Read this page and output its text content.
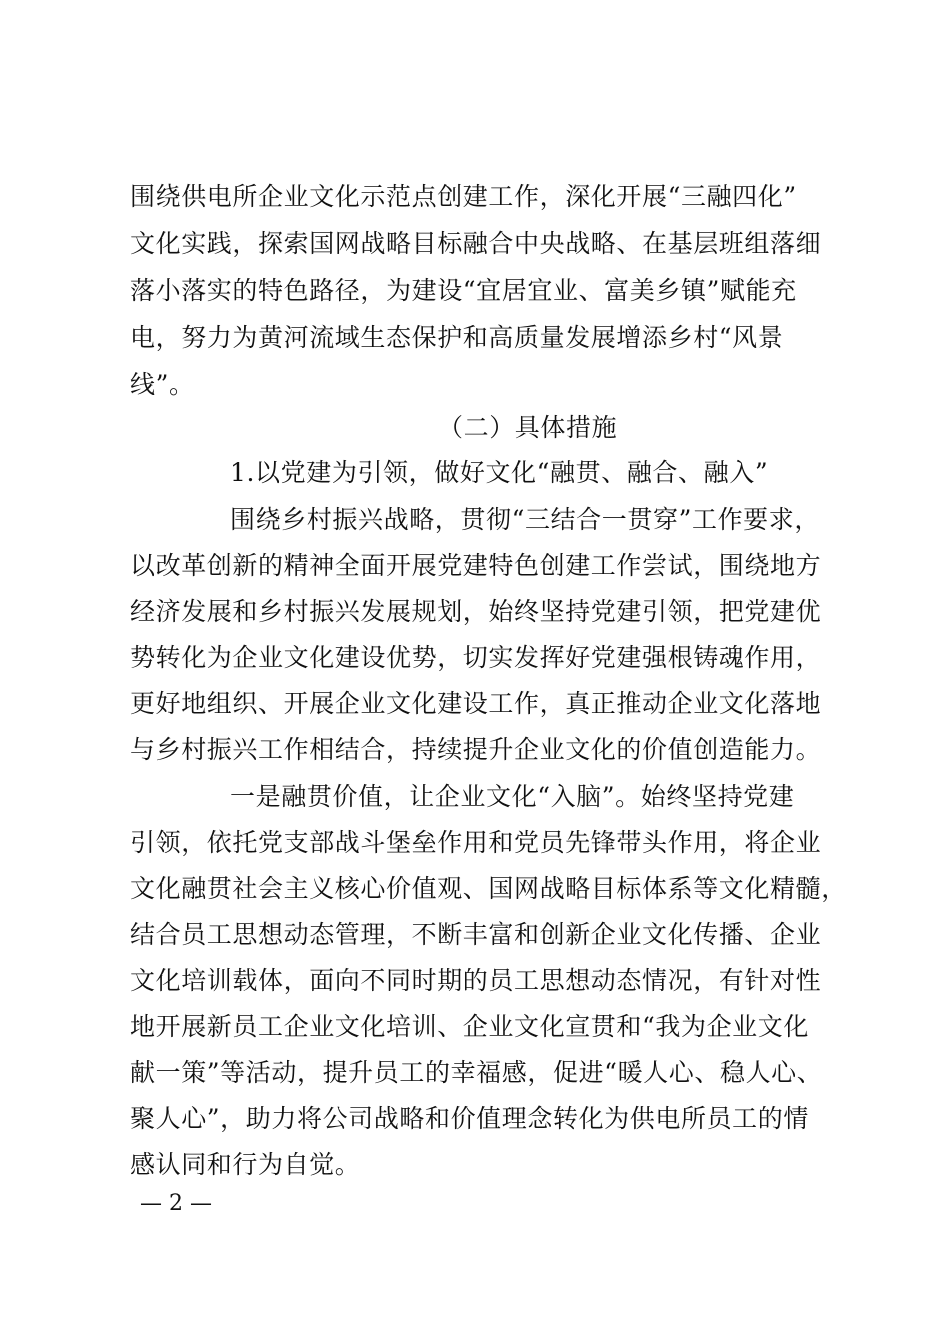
围绕供电所企业文化示范点创建工作，深化开展“三融四化”
文化实践，探索国网战略目标融合中央战略、在基层班组落细
落小落实的特色路径，为建设“宜居宜业、富美乡镇”赋能充
电，努力为黄河流域生态保护和高质量发展增添乡村“风景
线”。
（二）具体措施
1.以党建为引领，做好文化“融贯、融合、融入”
围绕乡村振兴战略，贯彻“三结合一贯穿”工作要求，
以改革创新的精神全面开展党建特色创建工作尝试，围绕地方
经济发展和乡村振兴发展规划，始终坚持党建引领，把党建优
势转化为企业文化建设优势，切实发挥好党建强根铸魂作用，
更好地组织、开展企业文化建设工作，真正推动企业文化落地
与乡村振兴工作相结合，持续提升企业文化的价值创造能力。
一是融贯价值，让企业文化“入脑”。始终坚持党建
引领，依托党支部战斗堡垒作用和党员先锋带头作用，将企业
文化融贯社会主义核心价值观、国网战略目标体系等文化精髓，
结合员工思想动态管理，不断丰富和创新企业文化传播、企业
文化培训载体，面向不同时期的员工思想动态情况，有针对性
地开展新员工企业文化培训、企业文化宣贯和“我为企业文化
献一策”等活动，提升员工的幸福感，促进“暖人心、稳人心、
聚人心”，助力将公司战略和价值理念转化为供电所员工的情
感认同和行为自觉。
— 2 —
